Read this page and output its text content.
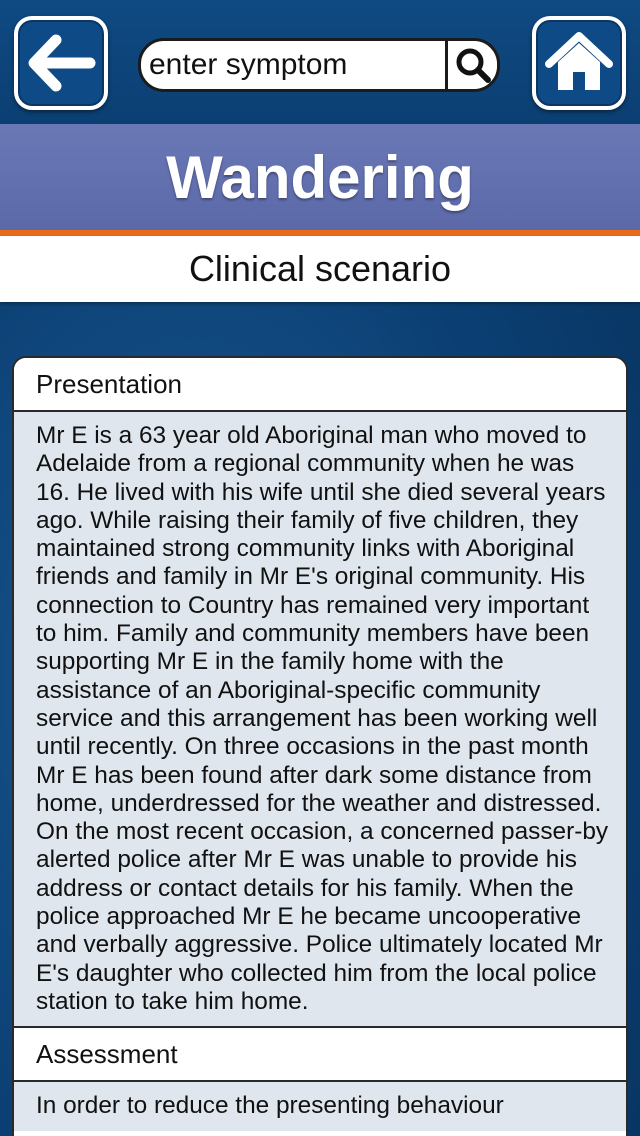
enter symptom
Wandering
Clinical scenario
Presentation
Mr E is a 63 year old Aboriginal man who moved to Adelaide from a regional community when he was 16. He lived with his wife until she died several years ago. While raising their family of five children, they maintained strong community links with Aboriginal friends and family in Mr E's original community. His connection to Country has remained very important to him. Family and community members have been supporting Mr E in the family home with the assistance of an Aboriginal-specific community service and this arrangement has been working well until recently. On three occasions in the past month Mr E has been found after dark some distance from home, underdressed for the weather and distressed. On the most recent occasion, a concerned passer-by alerted police after Mr E was unable to provide his address or contact details for his family. When the police approached Mr E he became uncooperative and verbally aggressive. Police ultimately located Mr E's daughter who collected him from the local police station to take him home.
Assessment
In order to reduce the presenting behaviour
